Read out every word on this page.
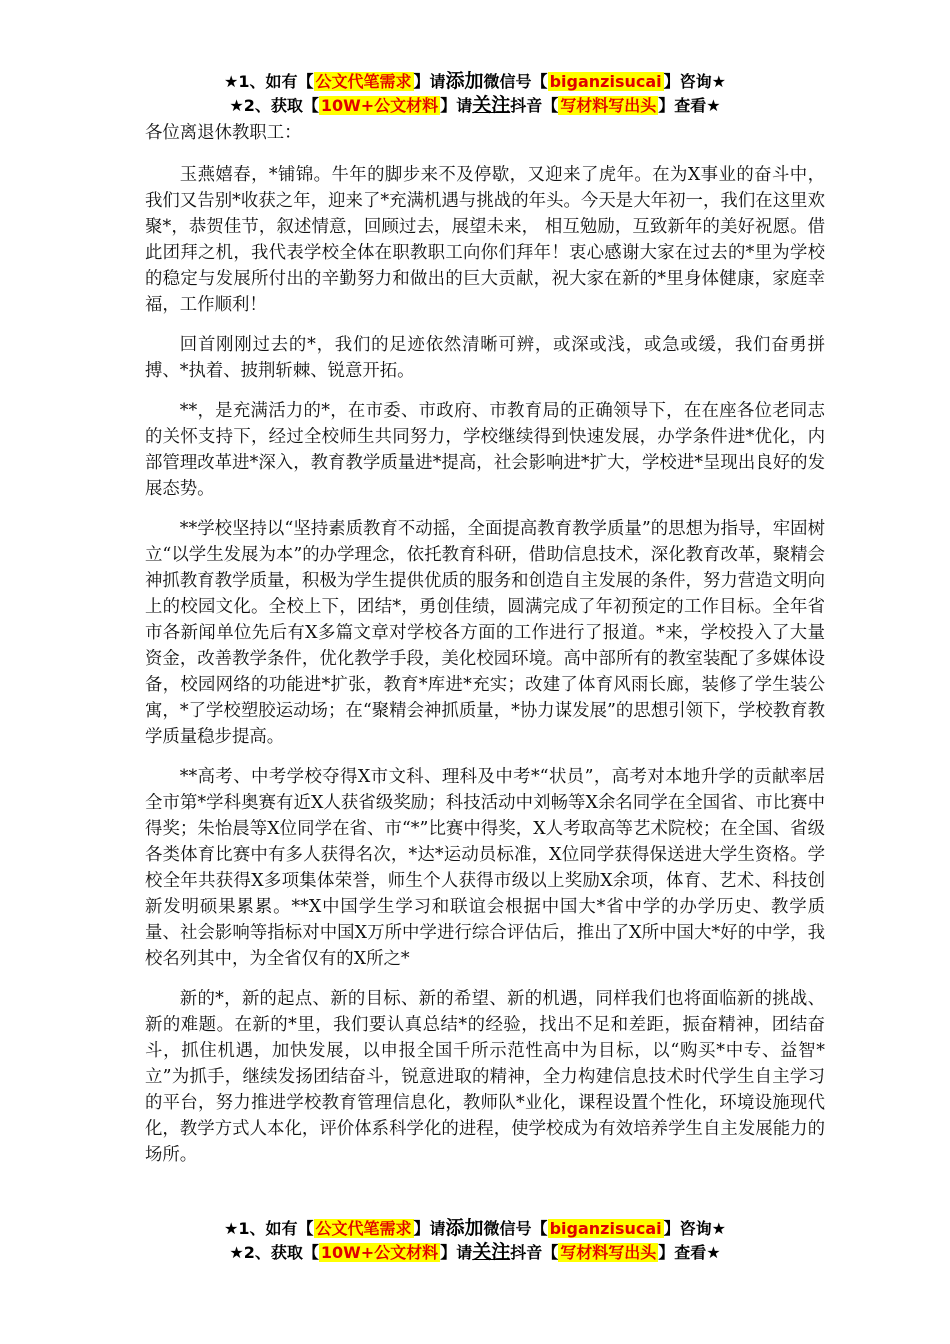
★1、如有【 公文代笔需求 】请添加微信号【 biganzisucai 】咨询★
★2、获取【 10W+公文材料 】请关注抖音【 写材料写出头 】查看★

各位离退休教职工：

玉燕嬉春，*铺锦。牛年的脚步来不及停歇，又迎来了虎年。在为X事业的奋斗中，我们又告别*收获之年，迎来了*充满机遇与挑战的年头。今天是大年初一，我们在这里欢聚*，恭贺佳节，叙述情意，回顾过去，展望未来， 相互勉励，互致新年的美好祝愿。借此团拜之机，我代表学校全体在职教职工向你们拜年！衷心感谢大家在过去的*里为学校的稳定与发展所付出的辛勤努力和做出的巨大贡献，祝大家在新的*里身体健康，家庭幸福，工作顺利！

回首刚刚过去的*，我们的足迹依然清晰可辨，或深或浅，或急或缓，我们奋勇拼搏、*执着、披荆斩棘、锐意开拓。

**，是充满活力的*，在市委、市政府、市教育局的正确领导下，在在座各位老同志的关怀支持下，经过全校师生共同努力，学校继续得到快速发展，办学条件进*优化，内部管理改革进*深入，教育教学质量进*提高，社会影响进*扩大，学校进*呈现出良好的发展态势。

**学校坚持以“坚持素质教育不动摇，全面提高教育教学质量”的思想为指导，牢固树立“以学生发展为本”的办学理念，依托教育科研，借助信息技术，深化教育改革，聚精会神抓教育教学质量，积极为学生提供优质的服务和创造自主发展的条件，努力营造文明向上的校园文化。全校上下，团结*，勇创佳绩，圆满完成了年初预定的工作目标。全年省市各新闻单位先后有X多篇文章对学校各方面的工作进行了报道。*来，学校投入了大量资金，改善教学条件，优化教学手段，美化校园环境。高中部所有的教室装配了多媒体设备，校园网络的功能进*扩张，教育*库进*充实；改建了体育风雨长廊，装修了学生装公寓，*了学校塑胶运动场；在“聚精会神抓质量，*协力谋发展”的思想引领下，学校教育教学质量稳步提高。

**高考、中考学校夺得X市文科、理科及中考*“状员”，高考对本地升学的贡献率居全市第*学科奥赛有近X人获省级奖励；科技活动中刘畅等X余名同学在全国省、市比赛中得奖；朱怡晨等X位同学在省、市“*”比赛中得奖，X人考取高等艺术院校；在全国、省级各类体育比赛中有多人获得名次，*达*运动员标准，X位同学获得保送进大学生资格。学校全年共获得X多项集体荣誉，师生个人获得市级以上奖励X余项，体育、艺术、科技创新发明硕果累累。**X中国学生学习和联谊会根据中国大*省中学的办学历史、教学质量、社会影响等指标对中国X万所中学进行综合评估后，推出了X所中国大*好的中学，我校名列其中，为全省仅有的X所之*

新的*，新的起点、新的目标、新的希望、新的机遇，同样我们也将面临新的挑战、新的难题。在新的*里，我们要认真总结*的经验，找出不足和差距，振奋精神，团结奋斗，抓住机遇，加快发展，以申报全国千所示范性高中为目标，以“购买*中专、益智*立”为抓手，继续发扬团结奋斗，锐意进取的精神，全力构建信息技术时代学生自主学习的平台，努力推进学校教育管理信息化，教师队*业化，课程设置个性化，环境设施现代化，教学方式人本化，评价体系科学化的进程，使学校成为有效培养学生自主发展能力的场所。

★1、如有【 公文代笔需求 】请添加微信号【 biganzisucai 】咨询★
★2、获取【 10W+公文材料 】请关注抖音【 写材料写出头 】查看★
